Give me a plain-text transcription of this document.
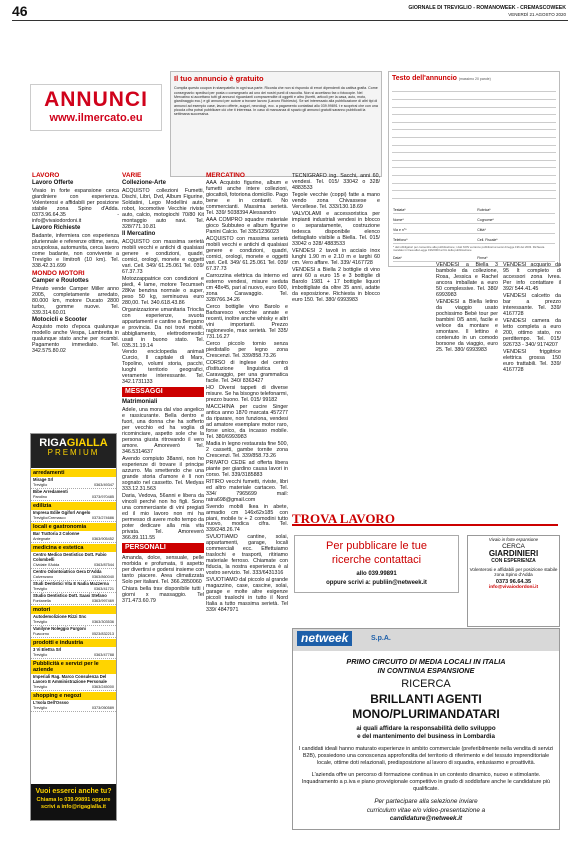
46	GIORNALE DI TREVIGLIO - ROMANOWEEK - CREMASCOWEEK
VENERDÌ 21 AGOSTO 2020
ANNUNCI
www.ilmercato.eu
Il tuo annuncio è gratuito

Compila questo coupon in stampatello in ogni sua parte. Ricorda che non si rispondo di errori dipendenti da cattiva grafia. Come consegnarlo: spedisci per posta o consegnarlo ad uno dei nostri punti di raccolta. Non si accettano fax o fotocopie. Nel Mercatino si accettano tutti gli annunci riguardanti compravendite di oggetti e altro (furetti, articoli per la casa, auto, moto, giardinaggio ecc.) e gli annunci per autore a trovare lavoro (Lavoro Richiesto). Se sei interessato alla pubblicazione di altri tipi di annunci ad esempio case, lavoro offerte, auguri, necrologi, ecc. a pagamento contattaci allo 039.99891 t e scoprirai che con una piccola cifra potrai pubblicare ciò che ti interessa. In caso di mancanza di spazio gli annunci gratuiti saranno pubblicati la settimana successiva.

Testo dell'annuncio (massimo 20 parole)
Testata*	Rubrica*
Nome*	Cognome*
Via e n°*	Città*
Telefono*	Cell. Fiscale*
* dati obbligatori per consentire alla pubblicazione; i dati NON verranno pubblicati ai sensi di legge 196 del 2003. Richiesta mandato in linea alla Legge 196/2003 ai fini della pubblicazione
Data*	Firma*
LAVORO
Lavoro Offerte

Vivaio in forte espansione cerca giardiniere con esperienza. Volenterosi e affidabili per posizione stabile zona Spino d'Adda. 0373.96.64.35 - info@vivaiodordoni.it

Lavoro Richieste

Badante, infermiera con esperienza pluriennale e referenze ottime, seria, scrupolosa, automunita, cerca lavoro come badante, non convivente a Treviglio e limitrofi (10 km). Tel. 338.42.31.699

MONDO MOTORI
Camper e Roulottes

Privato vende Camper Miller anno 2005, completamente arredato, 80.000 km, motore Ducato 2800 turbo, gomme nuove. Tel. 339.314.60.01

Motocicli e Scooter

Acquisto moto d'epoca qualunque modello anche Vespa, Lambretta in qualunque stato anche per ricambi. Pagamento immediato. Tel. 342.575.80.02

RIGAGIALLA
PREMIUM
arredamenti
Mirage Srl
Treviglio	0363/49347
Bibe Arredamenti
Pandino	0373/970485
edilizia
Impresa Edile Ggiforl Angelo
Treviglio/Cremasco	0373/274686
locali e gastronomia
Bar Trattoria 2 Colonne
Antegnate	0363/905452
medicina e estetica
Centro Medico Dentistico Dott. Fabio Colombelli
Cividate Il'Adda	0363/87544
Centro Odontoiatrico Gera D'Adda
Calvenzano	0363/860040
Studi Dentistici Vita E Nadia Mazzerna
Treviglio	0363/41721
Studio Dentistico Dott. Saasi Stefano
Fontanella	0363/997469
motori
Autodemolizione Rizzi Snc
Treviglio	0363/303536
Vanilyne Noleggio Furgoni
Fuacorno	0523/832213
prodotti e industria
3 Vi Elettra Srl
Treviglio	0363/47788
Pubblicità e servizi per le aziende
Imperiali Rag. Marco Consulenza Del Lavoro E Amministrazione Personale
Treviglio	0363/245000
shopping e negozi
L'Isola Dell'Ossso
Treviglio	0373/050589
Vuoi esserci anche tu?
Chiama lo 039.99891 oppure
scrivi a info@rigagialla.it
VARIE
Collezione-Arte

ACQUISTO collezioni Fumetti, Dischi, Libri, Dvd, Album Figurine, Soldatini, Lego Modellini auto, robot, locomotive Vecchie riviste auto, calcio, motogiochi 70/80 Kit montaggio auto navi. Tel. 328/771.10.81

Il Mercatino

ACQUISTO con massima serietà mobili vecchi e antichi di qualsiasi genere e condizioni, quadri, cornici, orologi, monete e oggetti vari. Cell. 349/ 61.25.061 Tel. 039/ 67.37.73

Motozzappatrice con condizioni e piedi, 4 lame, motore Tecumseh 28Kw benzina normale o super, peso 50 kg, seminuova euro 280,00. Tel. 340.618.43.86

Organizzazione umanitaria Trioclia con esperienze, svuota appartamenti e cantine a Bergamo e provincia. Da noi trovi mobili, abbigliamento, elettrodomestici usati in buono stato. Tel. 035.31.19.14

Vendo enciclopedia animali Curcio, Il capitale di Marx, Topolino, volumi storia, pacchi, luoghi territorio geografici, veramente interessante. Tel. 342.1731133

MESSAGGI
Matrimoniali

Adele, una mora dal viso angelico e rassicurante. Bella dentro e fuori, una donna che ha sofferto per vecchio ed ha voglia di ricominciare, aspetto sole che la persona giusta ritrovando il vero amore. Amoreverò Tel. 346.5314637

Avendo compiuto 38anni, non ho esperienze di trovare il principe azzurro. Ma smettendo che una grande storia d'amore è lì non sognato nel cassetto. Tel. Medyas 333.12.31.563

Daria, Vedova, 56anni e libera da vincoli perché non ho figli. Sono una commerciante di vini pregiati ed il mio lavoro non mi ha permesso di avere molto tempo da poter dedicare alla mia vita privata. Tel. Amoreverò 366.89.111.55

PERSONALI

Amanda, dolce, sensuale, pelle morbida e profumata, ti aspetto per divertirsi e godersi insieme con tanto piacere. Area climatizzata Solo per italiani. Tel. 366.2850060

Chiara bella trav disponibile tutti i giorni x massaggio. Tel 371.473.60.79

MERCATINO

AAA Acquisto figurine, album e fumetti anche intere collezioni, giocattoli, fotoriona domicilio. Pago bene e in contanti. No commercianti. Massima serietà. Tel. 339/ 5038394 Alessandro

AAA COMPRO squadre materiale gioco Subbuteo e album figurine Panini Calcio. Tel 335/1236023

ACQUISTO con massima serietà mobili vecchi e antichi di qualsiasi genere e condizioni, quadri, cornici, orologi, monete e oggetti vari. Cell. 349/ 61.25.061 Tel. 039/ 67.37.73

Carrozzina elettrica da interno ed esterno vendesi, misure seduta cm 48x45, pari al nuovo, euro 600, zona Caravaggio. Tel. 328/766.34.26

Cerco bottiglie vino Barolo e Barbaresco vecchie annate e recenti, inoltre anche whisky e altri vini importanti. Prezzo ragionevole, max serietà. Tel 335/ 731.16.27

Cerco piccolo tornio senza piedistallo per legno zona Crescenzi. Tel. 339/858.73.26

CORSO di inglese del centro d'istituzione linguistica di Caravaggio, per una grammatica facile. Tel. 340/ 8363427

HO Diversi tappeti di diverse misure. Se ha bisogno telefonarmi, prezzo buono. Tel. 015/ 99182

MACCHINA per cucire Singer antica anno 1870 marcata 457277 da riparare, non funziona, vendesi ad amatore esemplare motor raro, forse unico, da incasso mobile. Tel. 380/6993983

Madia in legno restaurata fine 500, 2 cassetti, gambe tornite zona Crescenzi. Tel. 339/858.73.26

PRIVATO CEDE ad offerta libera piante per giardino causa lavori in corso. Tel. 339/3185883

RITIRO vecchi fumetti, riviste, libri ed altro materiale cartaceo. Tel. 334/ 7965699 mail: ratra698@gmail.com

Svendo mobili Ikea in abete, armadio cm 146x62x185 con piani, mobile tv + 2 comodini tutto nuovo, modica cifra. Tel. 339/248.26.74

SVUOTIAMO cantine, solai, appartamenti, garage, locali commerciali ecc. Effettuiamo traslochi e trasporti, ritiriamo materiale ferroso. Chiamate con fiducia, la nostra esperienza è al vostro servizio. Tel. 333/6431316

SVUOTIAMO dal piccolo al grande magazzino, case, cascine, solai, garage e molte altre esigenze piccoli traslochi in tutto il Nord Italia a tutto massima serietà. Tel 339/ 4847971

TECNIGRAFO ing. Sacchi, anni 60, vendesi. Tel. 015/ 33042 o 328/ 4883533

Tegole vecchie (coppi) fatte a mano vendo zona Chivassese e Vercellese. Tel. 333/130.18.69

VALVOLAMI e accessoristica per impianti industriali vendesi in blocco o separatamente, costruzione tedesca disponibile elenco dettagliato visibile a Biella. Tel. 015/ 33042 o 328/ 4883533

VENDESI 2 tavoli in acciaio inox lunghi 1.90 m e 2.10 m e larghi 60 cm. Vero affare. Tel. 339/ 4167728

VENDESI a Biella 2 bottiglie di vino anni 60 a euro 15 e 3 bottiglie di Barolo 1981 + 17 bottiglie liquori imbottigliate da oltre 35 anni, adatte da esposizione. Richiesta in blocco euro 150. Tel. 380/ 6993983

VENDESI a Biella 3 bambole da collezione, Rosa, Jessica e Rachel ancora imballate a euro 50 complessive. Tel. 380/ 6993983

VENDESI a Biella letino da viaggio usato pochissimo Bebè tour per bambini 0/5 anni, facile e veloce da montare e smontare. Il lettino è contenuto in un comodo borsone da viaggio, euro 25. Tel. 380/ 6993983

VENDESI acquario da 95 lt completo di accessori zona Ivrea. Per info contattare il 392/ 544.41.45

VENDESI calcetto da bar a prezzo interessante. Tel. 339/ 4167728

VENDESI camera da letto completa a euro 200, ottimo stato, no perditempo. Tel. 015/ 926733 - 340/ 9174207

VENDESI friggitrice elettrica grossa 150 euro trattabili. Tel. 339/ 4167728

TROVA LAVORO
Per pubblicare le tue
ricerche contattaci
allo 039.99891
oppure scrivi a: publiin@netweek.it
Vivaio in forte espansione
CERCA
GIARDINIERI
CON ESPERIENZA
Volenterosi e affidabili per posizione stabile zona Spino d'Adda
0373 96.64.35
info@vivaiodordoni.it
netweek	S.p.A.
PRIMO CIRCUITO DI MEDIA LOCALI IN ITALIA
IN CONTINUA ESPANSIONE
RICERCA
BRILLANTI AGENTI
MONO/PLURIMANDATARI
ai quali affidare la responsabilità dello sviluppo
e del mantenimento del business in Lombardia
I candidati ideali hanno maturato esperienze in ambito commerciale (preferibilmente nella vendita di servizi B2B), possiedono una conoscenza approfondita del territorio di riferimento e del tessuto imprenditoriale locale, ottime doti relazionali, predisposizione al lavoro di squadra, entusiasmo e proattività.
L'azienda offre un percorso di formazione continua in un contesto dinamico, nuovo e stimolante. Inquadramento a p.iva e piano provvigionale competitivo in grado di soddisfare anche le candidature più qualificate.
Per partecipare alla selezione inviare
curriculum vitae e/o video-presentazione a
candidature@netweek.it
